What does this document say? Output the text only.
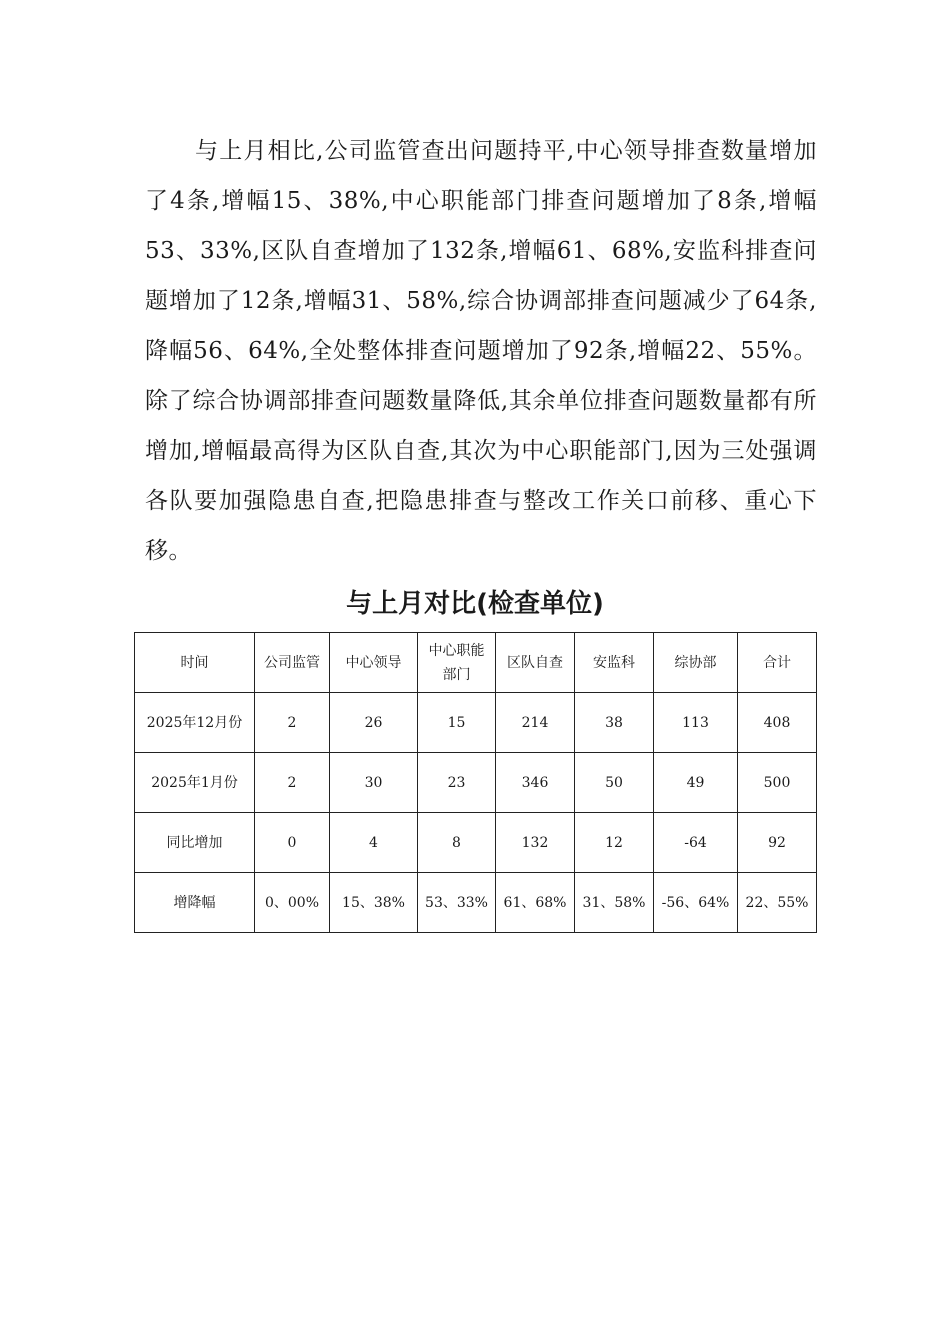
与上月相比,公司监管查出问题持平,中心领导排查数量增加了4条,增幅15、38%,中心职能部门排查问题增加了8条,增幅53、33%,区队自查增加了132条,增幅61、68%,安监科排查问题增加了12条,增幅31、58%,综合协调部排查问题减少了64条,降幅56、64%,全处整体排查问题增加了92条,增幅22、55%。除了综合协调部排查问题数量降低,其余单位排查问题数量都有所增加,增幅最高得为区队自查,其次为中心职能部门,因为三处强调各队要加强隐患自查,把隐患排查与整改工作关口前移、重心下移。

与上月对比(检查单位)
时间	公司监管	中心领导	中心职能部门	区队自查	安监科	综协部	合计
2025年12月份	2	26	15	214	38	113	408
2025年1月份	2	30	23	346	50	49	500
同比增加	0	4	8	132	12	-64	92
增降幅	0、00%	15、38%	53、33%	61、68%	31、58%	-56、64%	22、55%
